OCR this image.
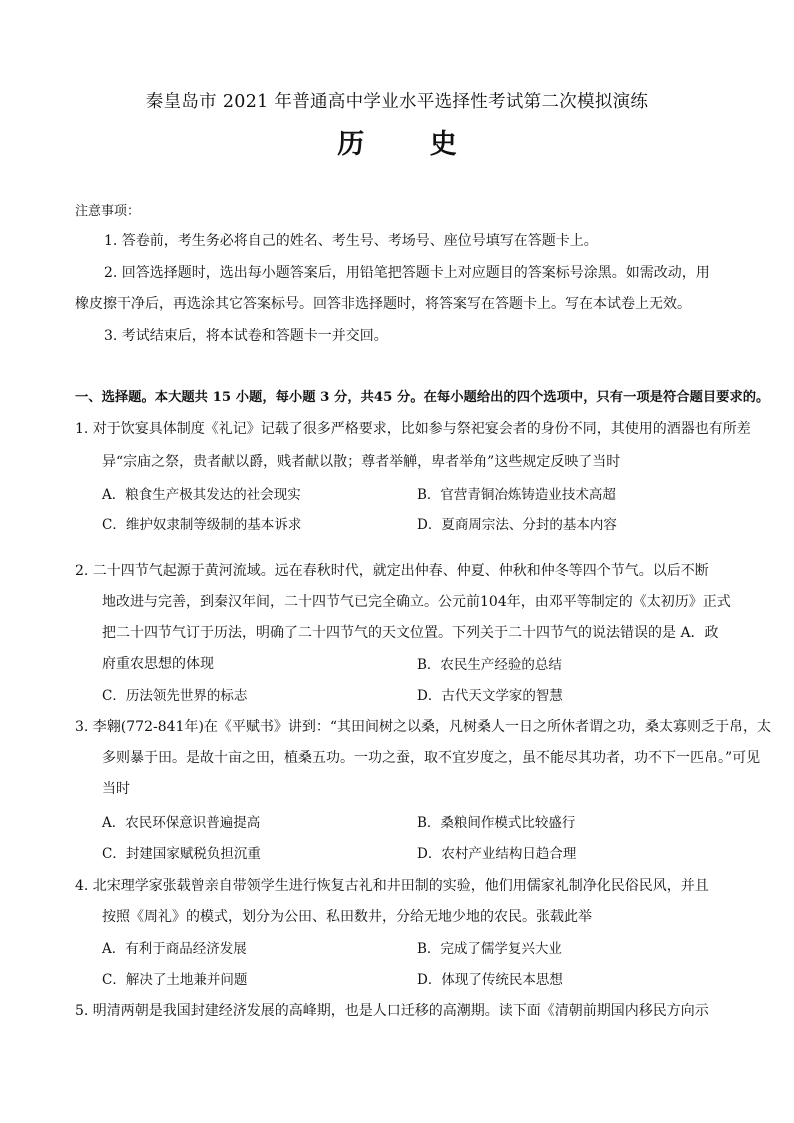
秦皇岛市 2021 年普通高中学业水平选择性考试第二次模拟演练
历 史
注意事项：
1. 答卷前，考生务必将自己的姓名、考生号、考场号、座位号填写在答题卡上。
2. 回答选择题时，选出每小题答案后，用铅笔把答题卡上对应题目的答案标号涂黑。如需改动，用
橡皮擦干净后，再选涂其它答案标号。回答非选择题时，将答案写在答题卡上。写在本试卷上无效。
3. 考试结束后，将本试卷和答题卡一并交回。
一、选择题。本大题共 15 小题，每小题 3 分，共45 分。在每小题给出的四个选项中，只有一项是符合题目要求的。
1. 对于饮宴具体制度《礼记》记载了很多严格要求，比如参与祭祀宴会者的身份不同，其使用的酒器也有所差
异“宗庙之祭，贵者献以爵，贱者献以散；尊者举觯，卑者举角”这些规定反映了当时
A．粮食生产极其发达的社会现实	B．官营青铜冶炼铸造业技术高超
C．维护奴隶制等级制的基本诉求	D．夏商周宗法、分封的基本内容
2. 二十四节气起源于黄河流域。远在春秋时代，就定出仲春、仲夏、仲秋和仲冬等四个节气。以后不断
地改进与完善，到秦汉年间，二十四节气已完全确立。公元前104年，由邓平等制定的《太初历》正式
把二十四节气订于历法，明确了二十四节气的天文位置。下列关于二十四节气的说法错误的是 A．政
府重农思想的体现	B．农民生产经验的总结
C．历法领先世界的标志	D．古代天文学家的智慧
3. 李翱(772-841年)在《平赋书》讲到：“其田间树之以桑，凡树桑人一日之所休者谓之功，桑太寡则乏于帛，太
多则暴于田。是故十亩之田，植桑五功。一功之蚕，取不宜岁度之，虽不能尽其功者，功不下一匹帛。”可见
当时
A．农民环保意识普遍提高	B．桑粮间作模式比较盛行
C．封建国家赋税负担沉重	D．农村产业结构日趋合理
4. 北宋理学家张载曾亲自带领学生进行恢复古礼和井田制的实验，他们用儒家礼制净化民俗民风，并且
按照《周礼》的模式，划分为公田、私田数井，分给无地少地的农民。张载此举
A．有利于商品经济发展	B．完成了儒学复兴大业
C．解决了土地兼并问题	D．体现了传统民本思想
5. 明清两朝是我国封建经济发展的高峰期，也是人口迁移的高潮期。读下面《清朝前期国内移民方向示
